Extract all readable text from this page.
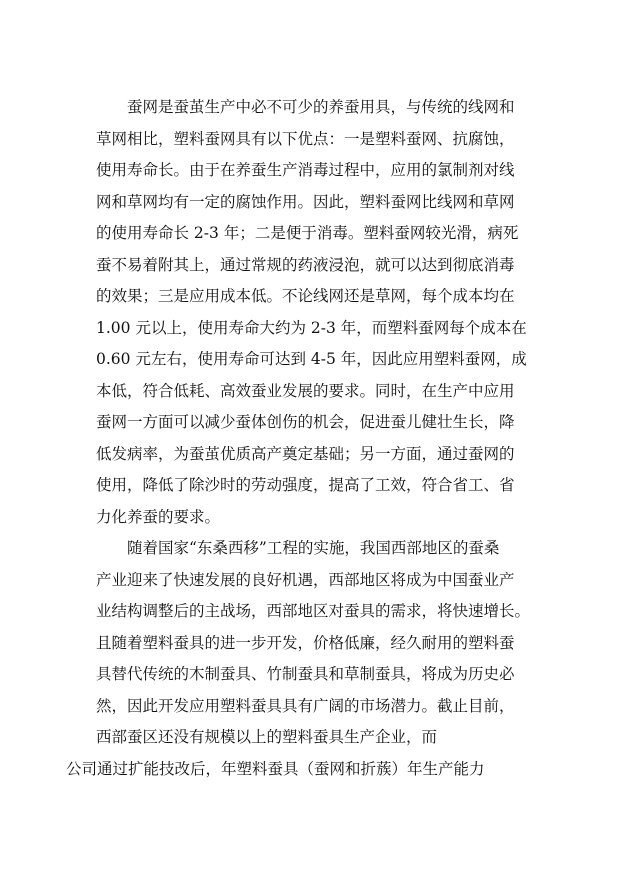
蚕网是蚕茧生产中必不可少的养蚕用具，与传统的线网和
草网相比，塑料蚕网具有以下优点：一是塑料蚕网、抗腐蚀，
使用寿命长。由于在养蚕生产消毒过程中，应用的氯制剂对线
网和草网均有一定的腐蚀作用。因此，塑料蚕网比线网和草网
的使用寿命长 2-3 年；二是便于消毒。塑料蚕网较光滑，病死
蚕不易着附其上，通过常规的药液浸泡，就可以达到彻底消毒
的效果；三是应用成本低。不论线网还是草网，每个成本均在
1.00 元以上，使用寿命大约为 2-3 年，而塑料蚕网每个成本在
0.60 元左右，使用寿命可达到 4-5 年，因此应用塑料蚕网，成
本低，符合低耗、高效蚕业发展的要求。同时，在生产中应用
蚕网一方面可以减少蚕体创伤的机会，促进蚕儿健壮生长，降
低发病率，为蚕茧优质高产奠定基础；另一方面，通过蚕网的
使用，降低了除沙时的劳动强度，提高了工效，符合省工、省
力化养蚕的要求。
随着国家“东桑西移”工程的实施，我国西部地区的蚕桑
产业迎来了快速发展的良好机遇，西部地区将成为中国蚕业产
业结构调整后的主战场，西部地区对蚕具的需求，将快速增长。
且随着塑料蚕具的进一步开发，价格低廉，经久耐用的塑料蚕
具替代传统的木制蚕具、竹制蚕具和草制蚕具，将成为历史必
然，因此开发应用塑料蚕具具有广阔的市场潜力。截止目前，
西部蚕区还没有规模以上的塑料蚕具生产企业，而
公司通过扩能技改后，年塑料蚕具（蚕网和折蔟）年生产能力
